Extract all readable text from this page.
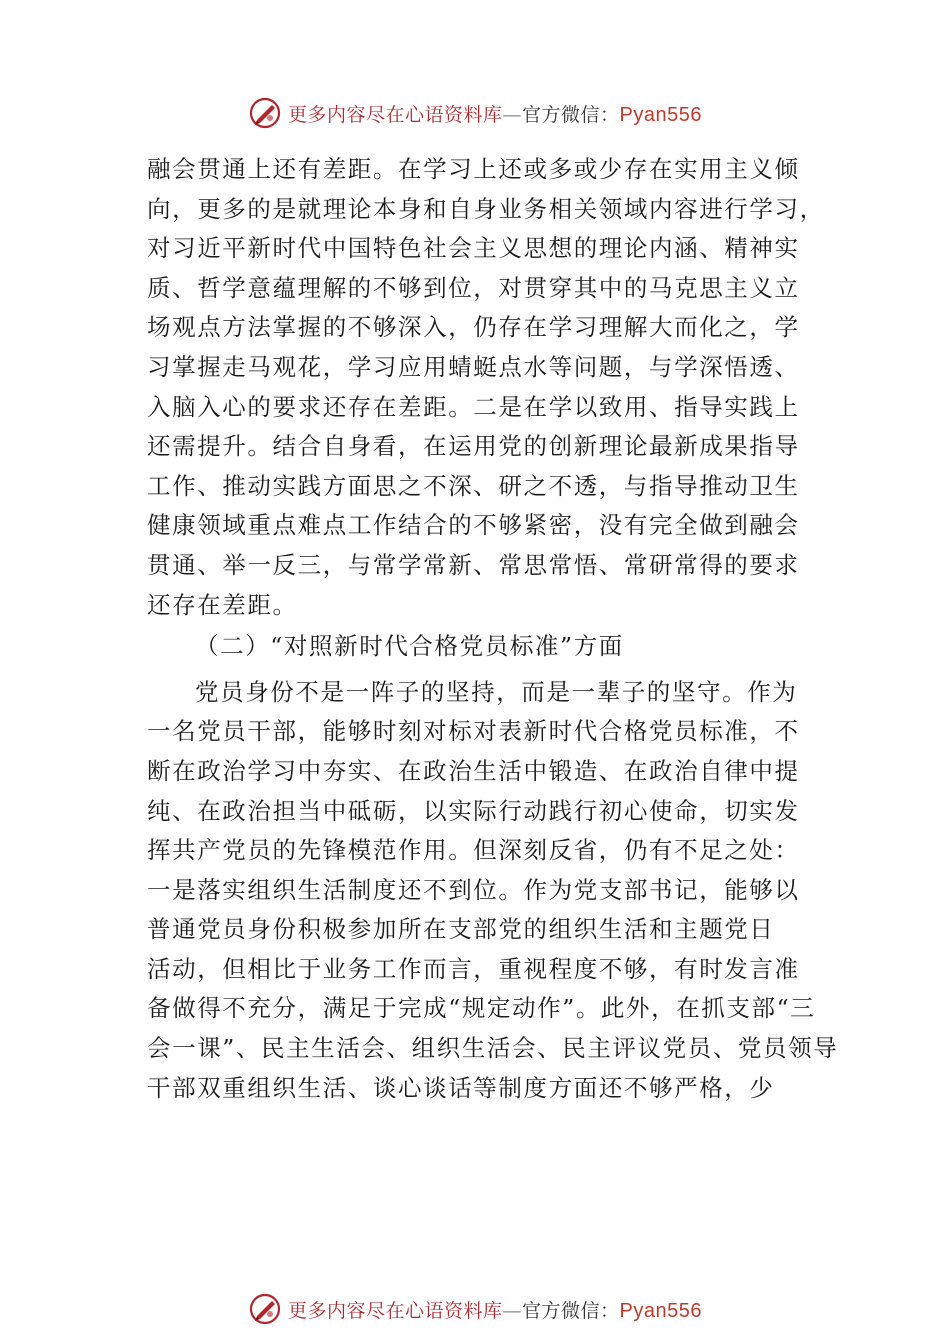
更多内容尽在心语资料库—官方微信：Pyan556
融会贯通上还有差距。在学习上还或多或少存在实用主义倾
向，更多的是就理论本身和自身业务相关领域内容进行学习，
对习近平新时代中国特色社会主义思想的理论内涵、精神实
质、哲学意蕴理解的不够到位，对贯穿其中的马克思主义立
场观点方法掌握的不够深入，仍存在学习理解大而化之，学
习掌握走马观花，学习应用蜻蜓点水等问题，与学深悟透、
入脑入心的要求还存在差距。二是在学以致用、指导实践上
还需提升。结合自身看，在运用党的创新理论最新成果指导
工作、推动实践方面思之不深、研之不透，与指导推动卫生
健康领域重点难点工作结合的不够紧密，没有完全做到融会
贯通、举一反三，与常学常新、常思常悟、常研常得的要求
还存在差距。
（二）“对照新时代合格党员标准”方面
党员身份不是一阵子的坚持，而是一辈子的坚守。作为
一名党员干部，能够时刻对标对表新时代合格党员标准，不
断在政治学习中夯实、在政治生活中锻造、在政治自律中提
纯、在政治担当中砥砺，以实际行动践行初心使命，切实发
挥共产党员的先锋模范作用。但深刻反省，仍有不足之处：
一是落实组织生活制度还不到位。作为党支部书记，能够以
普通党员身份积极参加所在支部党的组织生活和主题党日
活动，但相比于业务工作而言，重视程度不够，有时发言准
备做得不充分，满足于完成“规定动作”。此外，在抓支部“三
会一课”、民主生活会、组织生活会、民主评议党员、党员领导
干部双重组织生活、谈心谈话等制度方面还不够严格，少
更多内容尽在心语资料库—官方微信：Pyan556
